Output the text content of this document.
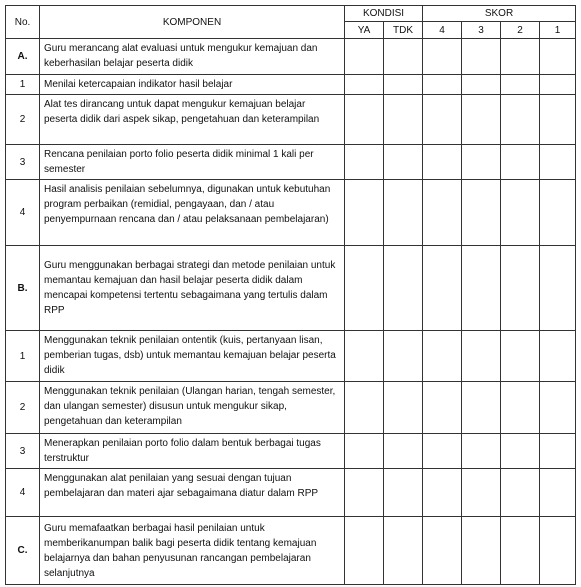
No.	KOMPONEN	KONDISI		SKOR			
		YA	TDK	4	3	2	1
A.	Guru merancang alat evaluasi untuk mengukur kemajuan dan keberhasilan belajar peserta didik						
1	Menilai ketercapaian indikator hasil belajar						
2	Alat tes dirancang untuk dapat mengukur kemajuan belajar peserta didik dari aspek sikap, pengetahuan dan keterampilan						
3	Rencana penilaian porto folio peserta didik minimal 1 kali per semester						
4	Hasil analisis penilaian sebelumnya, digunakan untuk kebutuhan program perbaikan (remidial, pengayaan, dan / atau penyempurnaan rencana dan / atau pelaksanaan pembelajaran)						
B.	Guru menggunakan berbagai strategi dan metode penilaian untuk memantau kemajuan dan hasil belajar peserta didik dalam mencapai kompetensi tertentu sebagaimana yang tertulis dalam RPP						
1	Menggunakan teknik penilaian ontentik (kuis, pertanyaan lisan, pemberian tugas, dsb) untuk memantau kemajuan belajar peserta didik						
2	Menggunakan teknik penilaian (Ulangan harian, tengah semester, dan ulangan semester) disusun untuk mengukur sikap, pengetahuan dan keterampilan						
3	Menerapkan penilaian porto folio dalam bentuk berbagai tugas terstruktur						
4	Menggunakan alat penilaian yang sesuai dengan tujuan pembelajaran dan materi ajar sebagaimana diatur dalam RPP						
C.	Guru memafaatkan berbagai hasil penilaian untuk memberikanumpan balik bagi peserta didik tentang kemajuan belajarnya dan bahan penyusunan rancangan pembelajaran selanjutnya						
